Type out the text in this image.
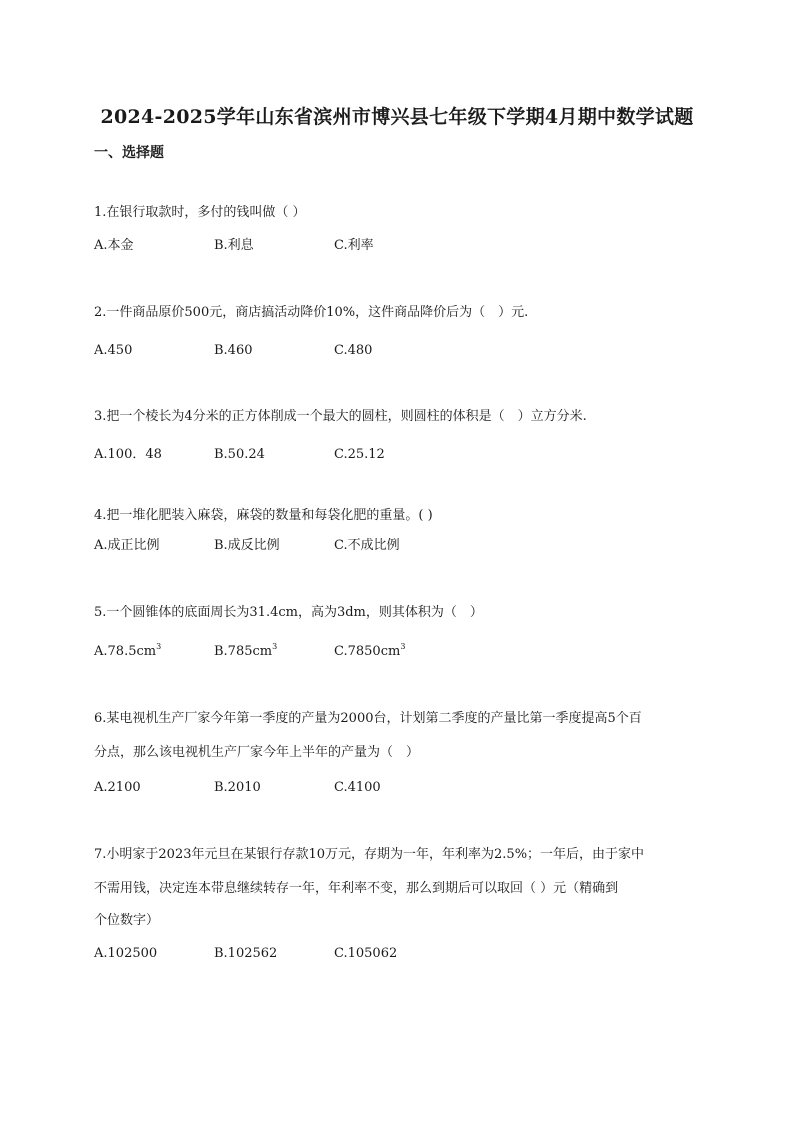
2024-2025学年山东省滨州市博兴县七年级下学期4月期中数学试题
一、选择题
1.在银行取款时，多付的钱叫做（ ）
A.本金	B.利息	C.利率
2.一件商品原价500元，商店搞活动降价10%，这件商品降价后为（　）元.
A.450	B.460	C.480
3.把一个棱长为4分米的正方体削成一个最大的圆柱，则圆柱的体积是（　）立方分米.
A.100．48	B.50.24	C.25.12
4.把一堆化肥装入麻袋，麻袋的数量和每袋化肥的重量。( )
A.成正比例	B.成反比例	C.不成比例
5.一个圆锥体的底面周长为31.4cm，高为3dm，则其体积为（　）
$A.78.5cm^3$	$B.785cm^3$	$C.7850cm^3$
6.某电视机生产厂家今年第一季度的产量为2000台，计划第二季度的产量比第一季度提高5个百
分点，那么该电视机生产厂家今年上半年的产量为（　）
A.2100	B.2010	C.4100
7.小明家于2023年元旦在某银行存款10万元，存期为一年，年利率为2.5%；一年后，由于家中
不需用钱，决定连本带息继续转存一年，年利率不变，那么到期后可以取回（ ）元（精确到
个位数字）
A.102500	B.102562	C.105062
